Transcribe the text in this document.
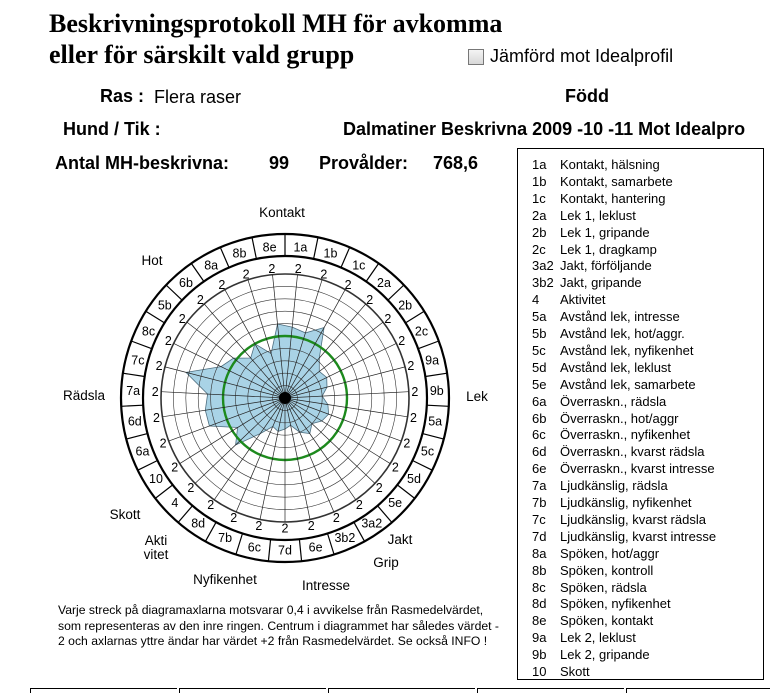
Beskrivningsprotokoll MH för avkomma
eller för särskilt vald grupp	Jämförd mot Idealprofil
Ras : Flera raser	Född
Hund / Tik :	Dalmatiner Beskrivna 2009 -10 -11 Mot Idealpro
Antal MH-beskrivna: 99 Provålder: 768,6
1a
2
1b
2
1c
2 2a
2 2b
2
2c
2
9a
2
9b
2
5a
2
5c
2
5d
2
5e
2
3a2
2
3b2
2
6e
2
7d
2
6c
2
7b
2
8d
2
4
2
10
2
6a
2
6d 2
7a 2
7c 2
8c
2
5b
2
6b
2
8a
2
8b
2
8e
2
Kontakt
Lek
Jakt
Grip
Intresse
Nyfikenhet
Akti vitet
Skott
Rädsla
Hot
1a Kontakt, hälsning
1b Kontakt, samarbete
1c Kontakt, hantering
2a Lek 1, leklust
2b Lek 1, gripande
2c Lek 1, dragkamp
3a2 Jakt, förföljande
3b2 Jakt, gripande
4 Aktivitet
5a Avstånd lek, intresse
5b Avstånd lek, hot/aggr.
5c Avstånd lek, nyfikenhet
5d Avstånd lek, leklust
5e Avstånd lek, samarbete
6a Överraskn., rädsla
6b Överraskn., hot/aggr
6c Överraskn., nyfikenhet
6d Överraskn., kvarst rädsla
6e Överraskn., kvarst intresse
7a Ljudkänslig, rädsla
7b Ljudkänslig, nyfikenhet
7c Ljudkänslig, kvarst rädsla
7d Ljudkänslig, kvarst intresse
8a Spöken, hot/aggr
8b Spöken, kontroll
8c Spöken, rädsla
8d Spöken, nyfikenhet
8e Spöken, kontakt
9a Lek 2, leklust
9b Lek 2, gripande
10 Skott
Varje streck på diagramaxlarna motsvarar 0,4 i avvikelse från Rasmedelvärdet, som representeras av den inre ringen. Centrum i diagrammet har således värdet - 2 och axlarnas yttre ändar har värdet +2 från Rasmedelvärdet. Se också INFO !
